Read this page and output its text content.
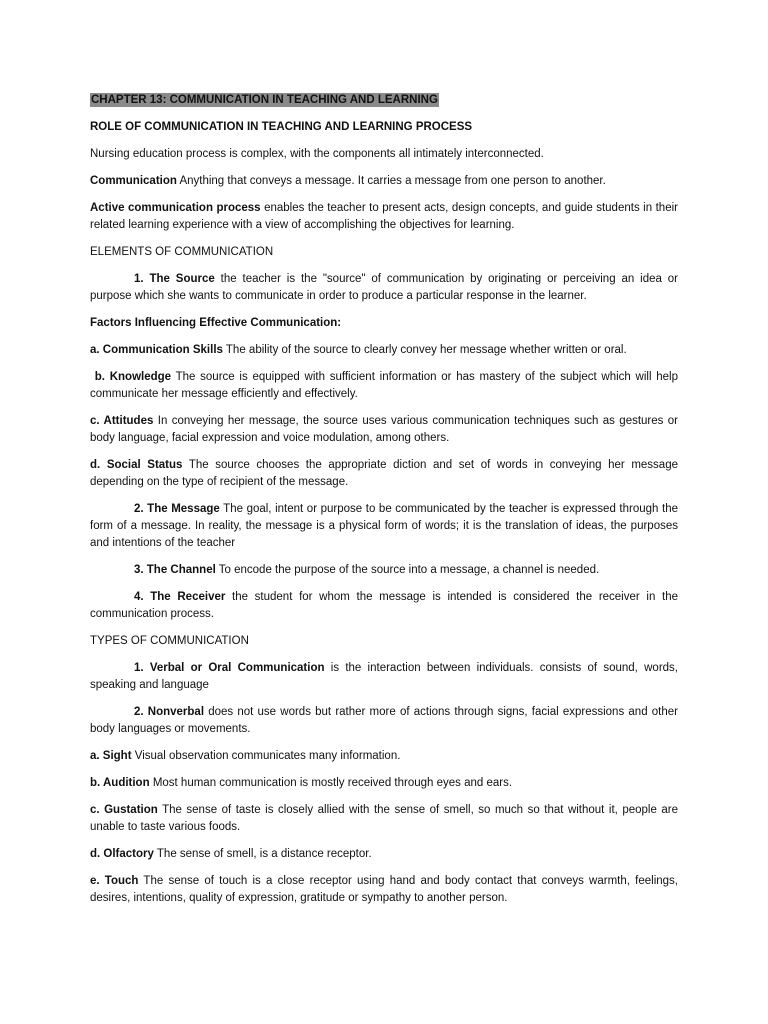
CHAPTER 13: COMMUNICATION IN TEACHING AND LEARNING
ROLE OF COMMUNICATION IN TEACHING AND LEARNING PROCESS

Nursing education process is complex, with the components all intimately interconnected.

Communication Anything that conveys a message. It carries a message from one person to another.

Active communication process enables the teacher to present acts, design concepts, and guide students in their related learning experience with a view of accomplishing the objectives for learning.

ELEMENTS OF COMMUNICATION

1. The Source the teacher is the "source" of communication by originating or perceiving an idea or purpose which she wants to communicate in order to produce a particular response in the learner.

Factors Influencing Effective Communication:

a. Communication Skills The ability of the source to clearly convey her message whether written or oral.

b. Knowledge The source is equipped with sufficient information or has mastery of the subject which will help communicate her message efficiently and effectively.

c. Attitudes In conveying her message, the source uses various communication techniques such as gestures or body language, facial expression and voice modulation, among others.

d. Social Status The source chooses the appropriate diction and set of words in conveying her message depending on the type of recipient of the message.

2. The Message The goal, intent or purpose to be communicated by the teacher is expressed through the form of a message. In reality, the message is a physical form of words; it is the translation of ideas, the purposes and intentions of the teacher

3. The Channel To encode the purpose of the source into a message, a channel is needed.

4. The Receiver the student for whom the message is intended is considered the receiver in the communication process.

TYPES OF COMMUNICATION

1. Verbal or Oral Communication is the interaction between individuals. consists of sound, words, speaking and language

2. Nonverbal does not use words but rather more of actions through signs, facial expressions and other body languages or movements.

a. Sight Visual observation communicates many information.

b. Audition Most human communication is mostly received through eyes and ears.

c. Gustation The sense of taste is closely allied with the sense of smell, so much so that without it, people are unable to taste various foods.

d. Olfactory The sense of smell, is a distance receptor.

e. Touch The sense of touch is a close receptor using hand and body contact that conveys warmth, feelings, desires, intentions, quality of expression, gratitude or sympathy to another person.
